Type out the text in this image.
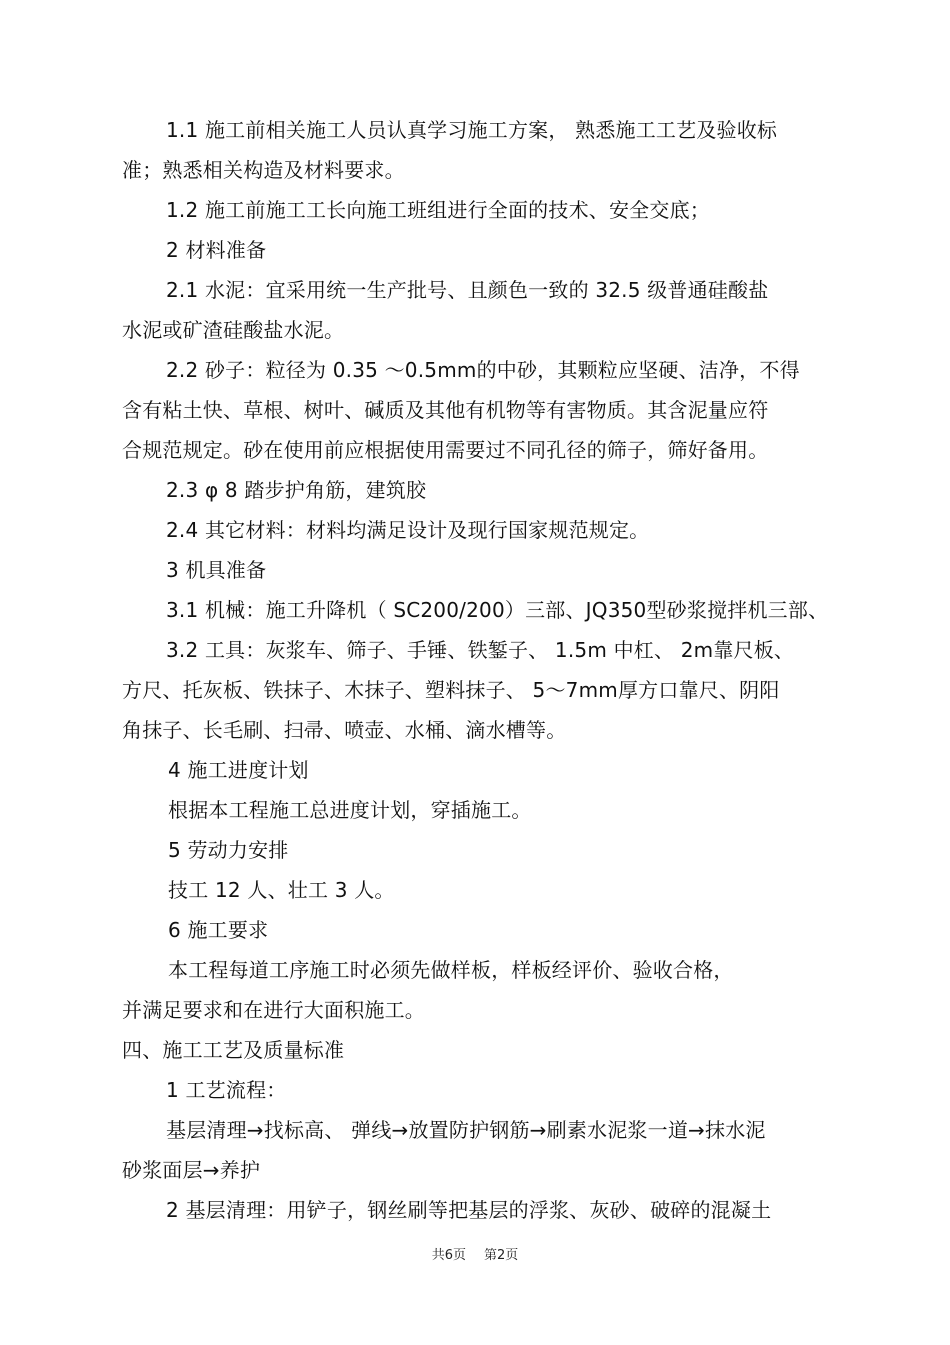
1.1 施工前相关施工人员认真学习施工方案， 熟悉施工工艺及验收标
准；熟悉相关构造及材料要求。
1.2 施工前施工工长向施工班组进行全面的技术、安全交底；
2 材料准备
2.1 水泥：宜采用统一生产批号、且颜色一致的 32.5 级普通硅酸盐
水泥或矿渣硅酸盐水泥。
2.2 砂子：粒径为 0.35 ～0.5mm的中砂，其颗粒应坚硬、洁净，不得
含有粘土快、草根、树叶、碱质及其他有机物等有害物质。其含泥量应符
合规范规定。砂在使用前应根据使用需要过不同孔径的筛子，筛好备用。
2.3 φ 8 踏步护角筋，建筑胶
2.4 其它材料：材料均满足设计及现行国家规范规定。
3 机具准备
3.1 机械：施工升降机（ SC200/200）三部、JQ350型砂浆搅拌机三部、
3.2 工具：灰浆车、筛子、手锤、铁錾子、 1.5m 中杠、 2m靠尺板、
方尺、托灰板、铁抹子、木抹子、塑料抹子、 5～7mm厚方口靠尺、阴阳
角抹子、长毛刷、扫帚、喷壶、水桶、滴水槽等。
4 施工进度计划
根据本工程施工总进度计划，穿插施工。
5 劳动力安排
技工 12 人、壮工 3 人。
6 施工要求
本工程每道工序施工时必须先做样板，样板经评价、验收合格，
并满足要求和在进行大面积施工。
四、施工工艺及质量标准
1 工艺流程：
基层清理→找标高、 弹线→放置防护钢筋→刷素水泥浆一道→抹水泥
砂浆面层→养护
2 基层清理：用铲子，钢丝刷等把基层的浮浆、灰砂、破碎的混凝土
共6页 第2页
